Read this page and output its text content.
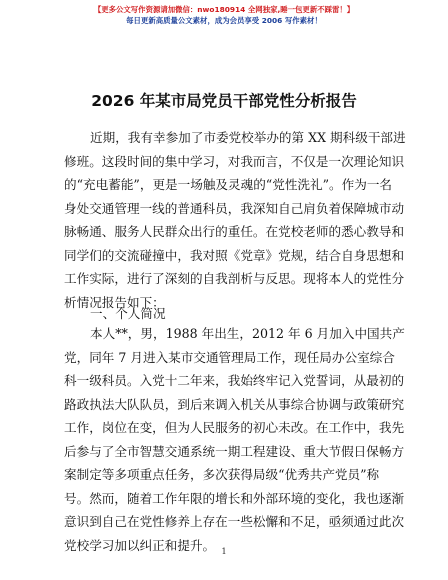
【更多公文写作资源请加微信：nwo180914 全网独家,睡一包更新不踩雷！】
每日更新高质量公文素材，成为会员享受 2006 写作素材！
2026 年某市局党员干部党性分析报告
近期，我有幸参加了市委党校举办的第 XX 期科级干部进
修班。这段时间的集中学习，对我而言，不仅是一次理论知识
的“充电蓄能”，更是一场触及灵魂的“党性洗礼”。作为一名
身处交通管理一线的普通科员，我深知自己肩负着保障城市动
脉畅通、服务人民群众出行的重任。在党校老师的悉心教导和
同学们的交流碰撞中，我对照《党章》党规，结合自身思想和
工作实际，进行了深刻的自我剖析与反思。现将本人的党性分
析情况报告如下：
一、个人简况
本人**，男，1988 年出生，2012 年 6 月加入中国共产
党，同年 7 月进入某市交通管理局工作，现任局办公室综合
科一级科员。入党十二年来，我始终牢记入党誓词，从最初的
路政执法大队队员，到后来调入机关从事综合协调与政策研究
工作，岗位在变，但为人民服务的初心未改。在工作中，我先
后参与了全市智慧交通系统一期工程建设、重大节假日保畅方
案制定等多项重点任务，多次获得局级“优秀共产党员”称
号。然而，随着工作年限的增长和外部环境的变化，我也逐渐
意识到自己在党性修养上存在一些松懈和不足，亟须通过此次
党校学习加以纠正和提升。 1
